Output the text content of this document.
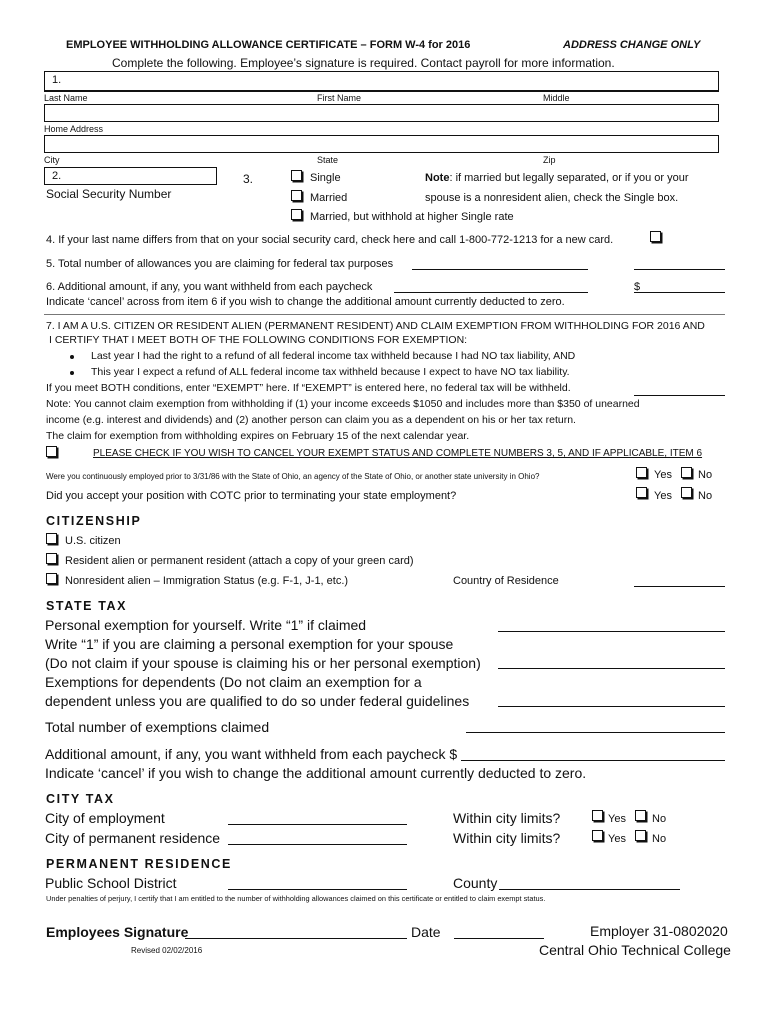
EMPLOYEE WITHHOLDING ALLOWANCE CERTIFICATE – FORM W-4 for 2016	ADDRESS CHANGE ONLY
Complete the following. Employee’s signature is required. Contact payroll for more information.
1.
Last Name	First Name	Middle
Home Address
City	State	Zip
2.
Social Security Number
3.	Single
Married
Married, but withhold at higher Single rate
Note: if married but legally separated, or if you or your
spouse is a nonresident alien, check the Single box.
4. If your last name differs from that on your social security card, check here and call 1-800-772-1213 for a new card.
5. Total number of allowances you are claiming for federal tax purposes
6. Additional amount, if any, you want withheld from each paycheck	$
Indicate ‘cancel’ across from item 6 if you wish to change the additional amount currently deducted to zero.
7. I AM A U.S. CITIZEN OR RESIDENT ALIEN (PERMANENT RESIDENT) AND CLAIM EXEMPTION FROM WITHHOLDING FOR 2016 AND
I CERTIFY THAT I MEET BOTH OF THE FOLLOWING CONDITIONS FOR EXEMPTION:
Last year I had the right to a refund of all federal income tax withheld because I had NO tax liability, AND
This year I expect a refund of ALL federal income tax withheld because I expect to have NO tax liability.
If you meet BOTH conditions, enter “EXEMPT” here. If “EXEMPT” is entered here, no federal tax will be withheld.
Note: You cannot claim exemption from withholding if (1) your income exceeds $1050 and includes more than $350 of unearned
income (e.g. interest and dividends) and (2) another person can claim you as a dependent on his or her tax return.
The claim for exemption from withholding expires on February 15 of the next calendar year.
PLEASE CHECK IF YOU WISH TO CANCEL YOUR EXEMPT STATUS AND COMPLETE NUMBERS 3, 5, AND IF APPLICABLE, ITEM 6
Were you continuously employed prior to 3/31/86 with the State of Ohio, an agency of the State of Ohio, or another state university in Ohio?	Yes No
Did you accept your position with COTC prior to terminating your state employment?	Yes No
CITIZENSHIP
U.S. citizen
Resident alien or permanent resident (attach a copy of your green card)
Nonresident alien – Immigration Status (e.g. F-1, J-1, etc.)	Country of Residence
STATE TAX
Personal exemption for yourself. Write “1” if claimed
Write “1” if you are claiming a personal exemption for your spouse
(Do not claim if your spouse is claiming his or her personal exemption)
Exemptions for dependents (Do not claim an exemption for a
dependent unless you are qualified to do so under federal guidelines
Total number of exemptions claimed
Additional amount, if any, you want withheld from each paycheck $
Indicate ‘cancel’ if you wish to change the additional amount currently deducted to zero.
CITY TAX
City of employment	Within city limits?	Yes No
City of permanent residence	Within city limits?	Yes No
PERMANENT RESIDENCE
Public School District	County
Under penalties of perjury, I certify that I am entitled to the number of withholding allowances claimed on this certificate or entitled to claim exempt status.
Employees Signature	Date	Employer 31-0802020
Revised 02/02/2016	Central Ohio Technical College
